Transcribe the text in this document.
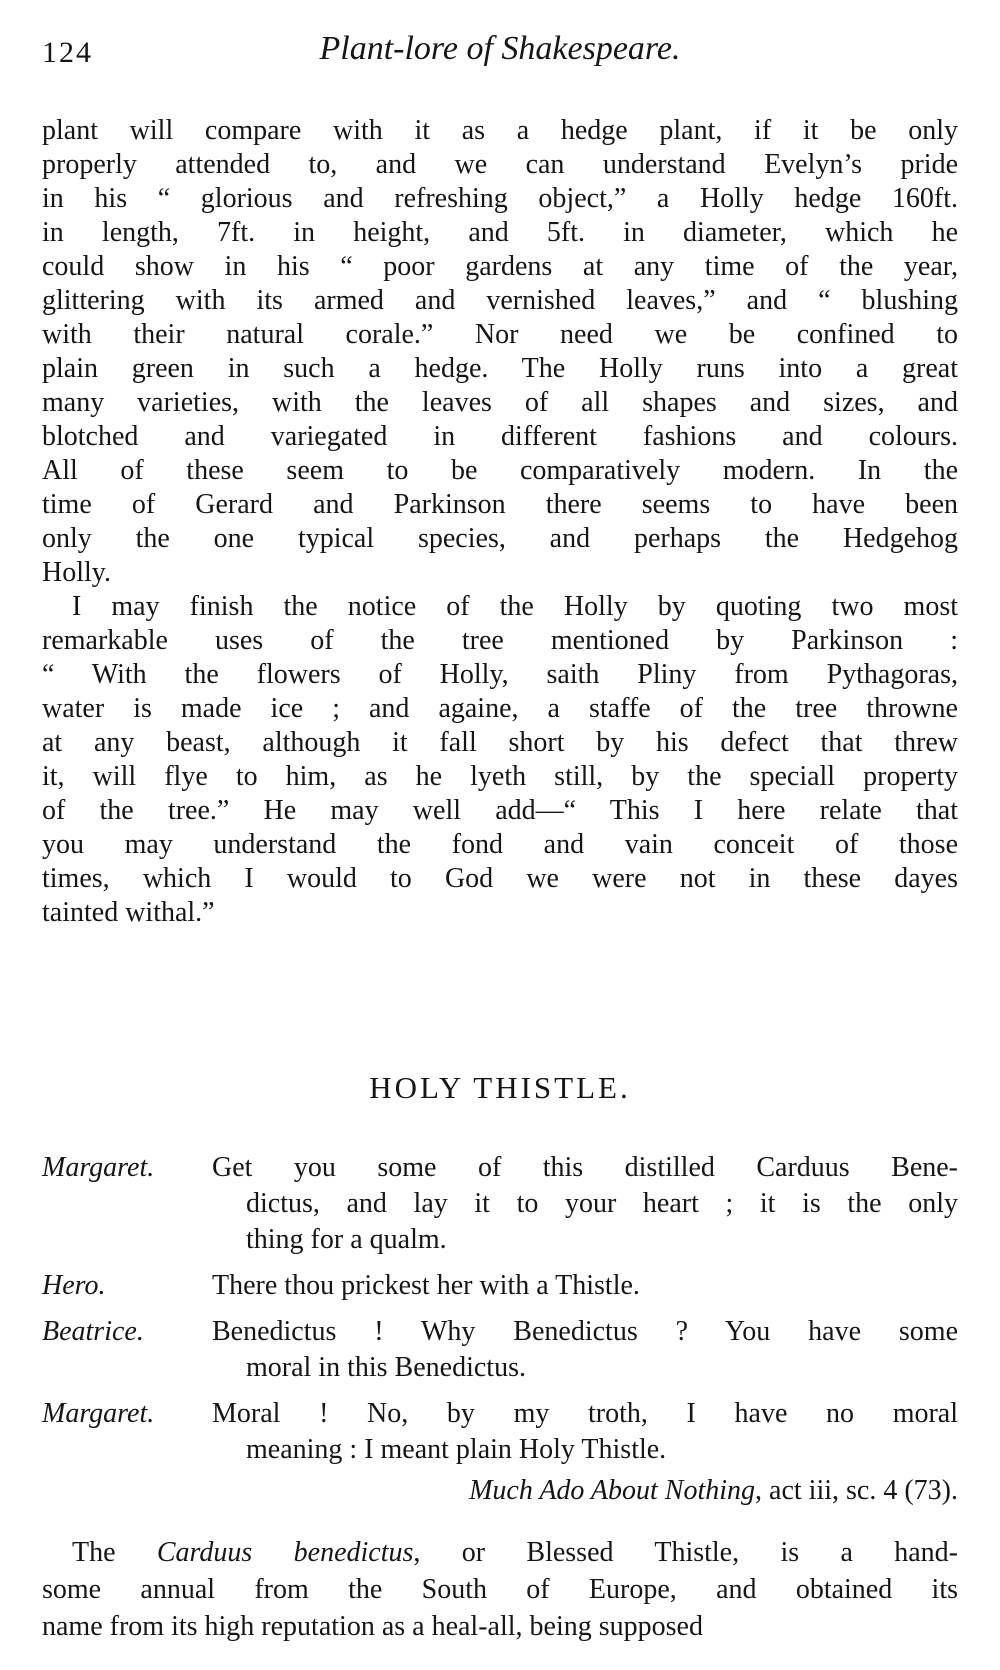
124	Plant-lore of Shakespeare.
plant will compare with it as a hedge plant, if it be only
properly attended to, and we can understand Evelyn’s pride
in his “ glorious and refreshing object,” a Holly hedge 160ft.
in length, 7ft. in height, and 5ft. in diameter, which he
could show in his “ poor gardens at any time of the year,
glittering with its armed and vernished leaves,” and “ blushing
with their natural corale.” Nor need we be confined to
plain green in such a hedge. The Holly runs into a great
many varieties, with the leaves of all shapes and sizes, and
blotched and variegated in different fashions and colours.
All of these seem to be comparatively modern. In the
time of Gerard and Parkinson there seems to have been
only the one typical species, and perhaps the Hedgehog
Holly.
I may finish the notice of the Holly by quoting two most
remarkable uses of the tree mentioned by Parkinson :
“ With the flowers of Holly, saith Pliny from Pythagoras,
water is made ice ; and againe, a staffe of the tree throwne
at any beast, although it fall short by his defect that threw
it, will flye to him, as he lyeth still, by the speciall property
of the tree.” He may well add—“ This I here relate that
you may understand the fond and vain conceit of those
times, which I would to God we were not in these dayes
tainted withal.”
HOLY THISTLE.
Margaret.	Get you some of this distilled Carduus Bene-
dictus, and lay it to your heart ; it is the only
thing for a qualm.
Hero.	There thou prickest her with a Thistle.
Beatrice.	Benedictus ! Why Benedictus ? You have some
moral in this Benedictus.
Margaret.	Moral ! No, by my troth, I have no moral
meaning : I meant plain Holy Thistle.
Much Ado About Nothing, act iii, sc. 4 (73).
The Carduus benedictus, or Blessed Thistle, is a hand-
some annual from the South of Europe, and obtained its
name from its high reputation as a heal-all, being supposed
